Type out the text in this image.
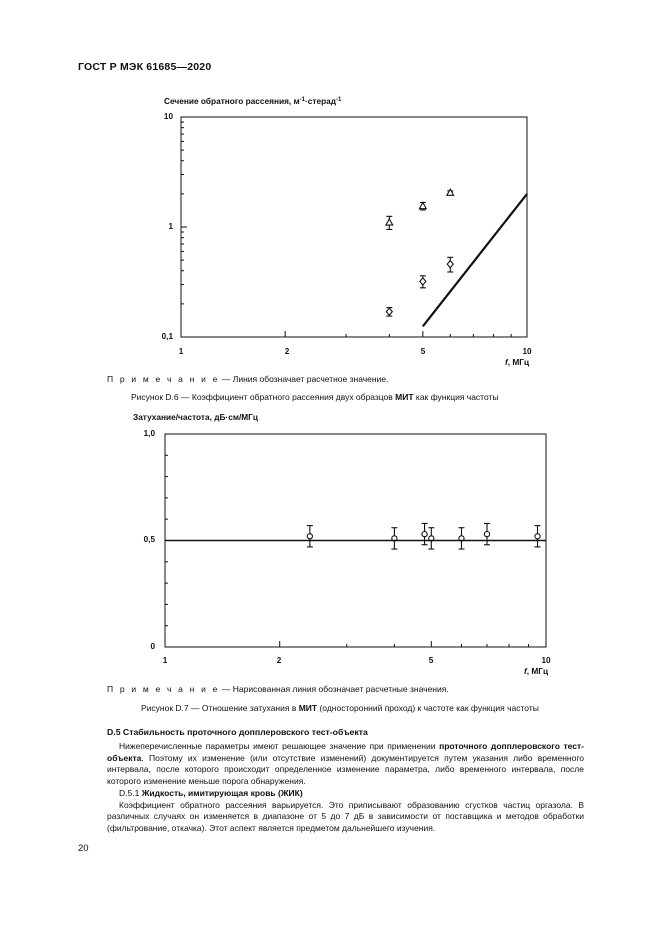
ГОСТ Р МЭК 61685—2020
Сечение обратного рассеяния, $м^{-1}\cdot стерад^{-1}$
10
1
0,1
1	2	5	10
f, МГц
П р и м е ч а н и е — Линия обозначает расчетное значение.
Рисунок D.6 — Коэффициент обратного рассеяния двух образцов МИТ как функция частоты
Затухание/частота, дБ·см/МГц
1,0
0,5
0
1	2	5	10
f, МГц
П р и м е ч а н и е — Нарисованная линия обозначает расчетные значения.
Рисунок D.7 — Отношение затухания в МИТ (односторонний проход) к частоте как функция частоты
D.5 Стабильность проточного допплеровского тест-объекта

Нижеперечисленные параметры имеют решающее значение при применении проточного допплеровского тест-объекта. Поэтому их изменение (или отсутствие изменений) документируется путем указания либо временного интервала, после которого происходит определенное изменение параметра, либо временного интервала, после которого изменение меньше порога обнаружения.

D.5.1 Жидкость, имитирующая кровь (ЖИК)

Коэффициент обратного рассеяния варьируется. Это приписывают образованию сгустков частиц оргазола. В различных случаях он изменяется в диапазоне от 5 до 7 дБ в зависимости от поставщика и методов обработки (фильтрование, откачка). Этот аспект является предметом дальнейшего изучения.

20
